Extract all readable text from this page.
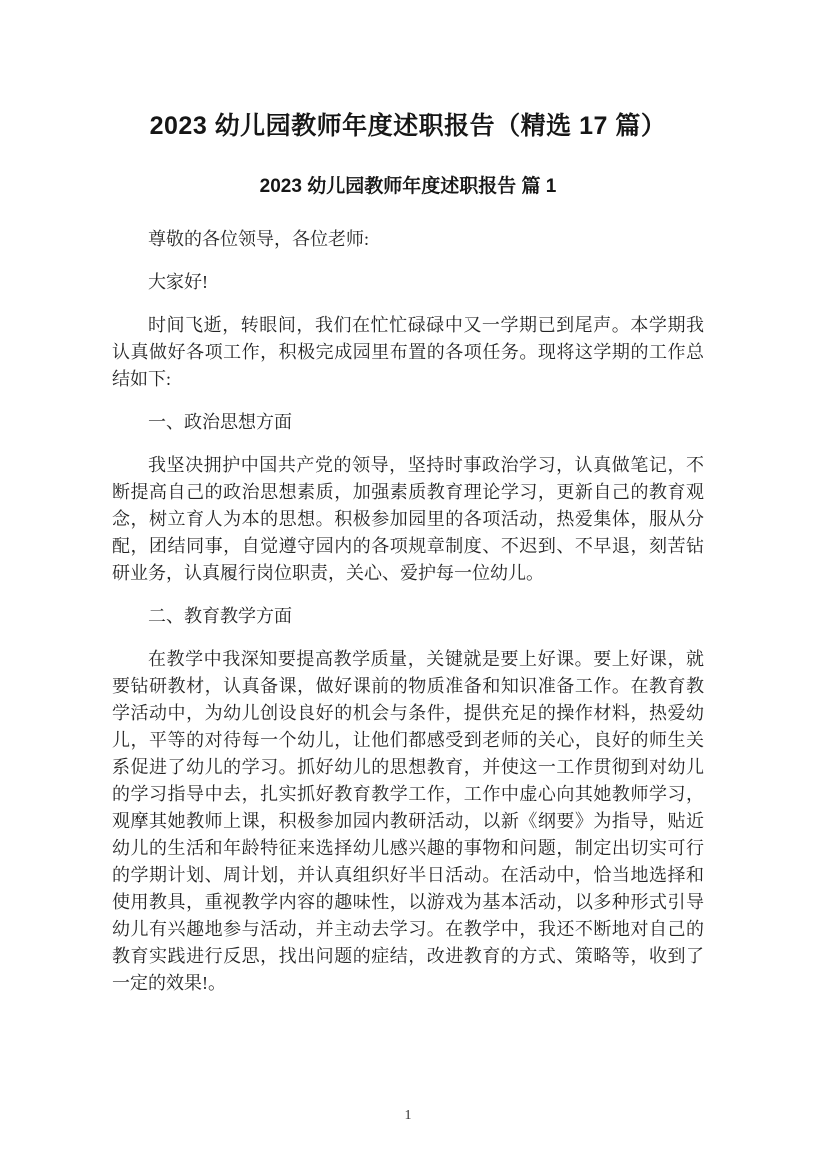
2023 幼儿园教师年度述职报告（精选 17 篇）
2023 幼儿园教师年度述职报告 篇 1

尊敬的各位领导，各位老师:

大家好!

时间飞逝，转眼间，我们在忙忙碌碌中又一学期已到尾声。本学期我认真做好各项工作，积极完成园里布置的各项任务。现将这学期的工作总结如下:

一、政治思想方面

我坚决拥护中国共产党的领导，坚持时事政治学习，认真做笔记，不断提高自己的政治思想素质，加强素质教育理论学习，更新自己的教育观念，树立育人为本的思想。积极参加园里的各项活动，热爱集体，服从分配，团结同事，自觉遵守园内的各项规章制度、不迟到、不早退，刻苦钻研业务，认真履行岗位职责，关心、爱护每一位幼儿。

二、教育教学方面

在教学中我深知要提高教学质量，关键就是要上好课。要上好课，就要钻研教材，认真备课，做好课前的物质准备和知识准备工作。在教育教学活动中，为幼儿创设良好的机会与条件，提供充足的操作材料，热爱幼儿，平等的对待每一个幼儿，让他们都感受到老师的关心，良好的师生关系促进了幼儿的学习。抓好幼儿的思想教育，并使这一工作贯彻到对幼儿的学习指导中去，扎实抓好教育教学工作，工作中虚心向其她教师学习，观摩其她教师上课，积极参加园内教研活动，以新《纲要》为指导，贴近幼儿的生活和年龄特征来选择幼儿感兴趣的事物和问题，制定出切实可行的学期计划、周计划，并认真组织好半日活动。在活动中，恰当地选择和使用教具，重视教学内容的趣味性，以游戏为基本活动，以多种形式引导幼儿有兴趣地参与活动，并主动去学习。在教学中，我还不断地对自己的教育实践进行反思，找出问题的症结，改进教育的方式、策略等，收到了一定的效果!。

1
